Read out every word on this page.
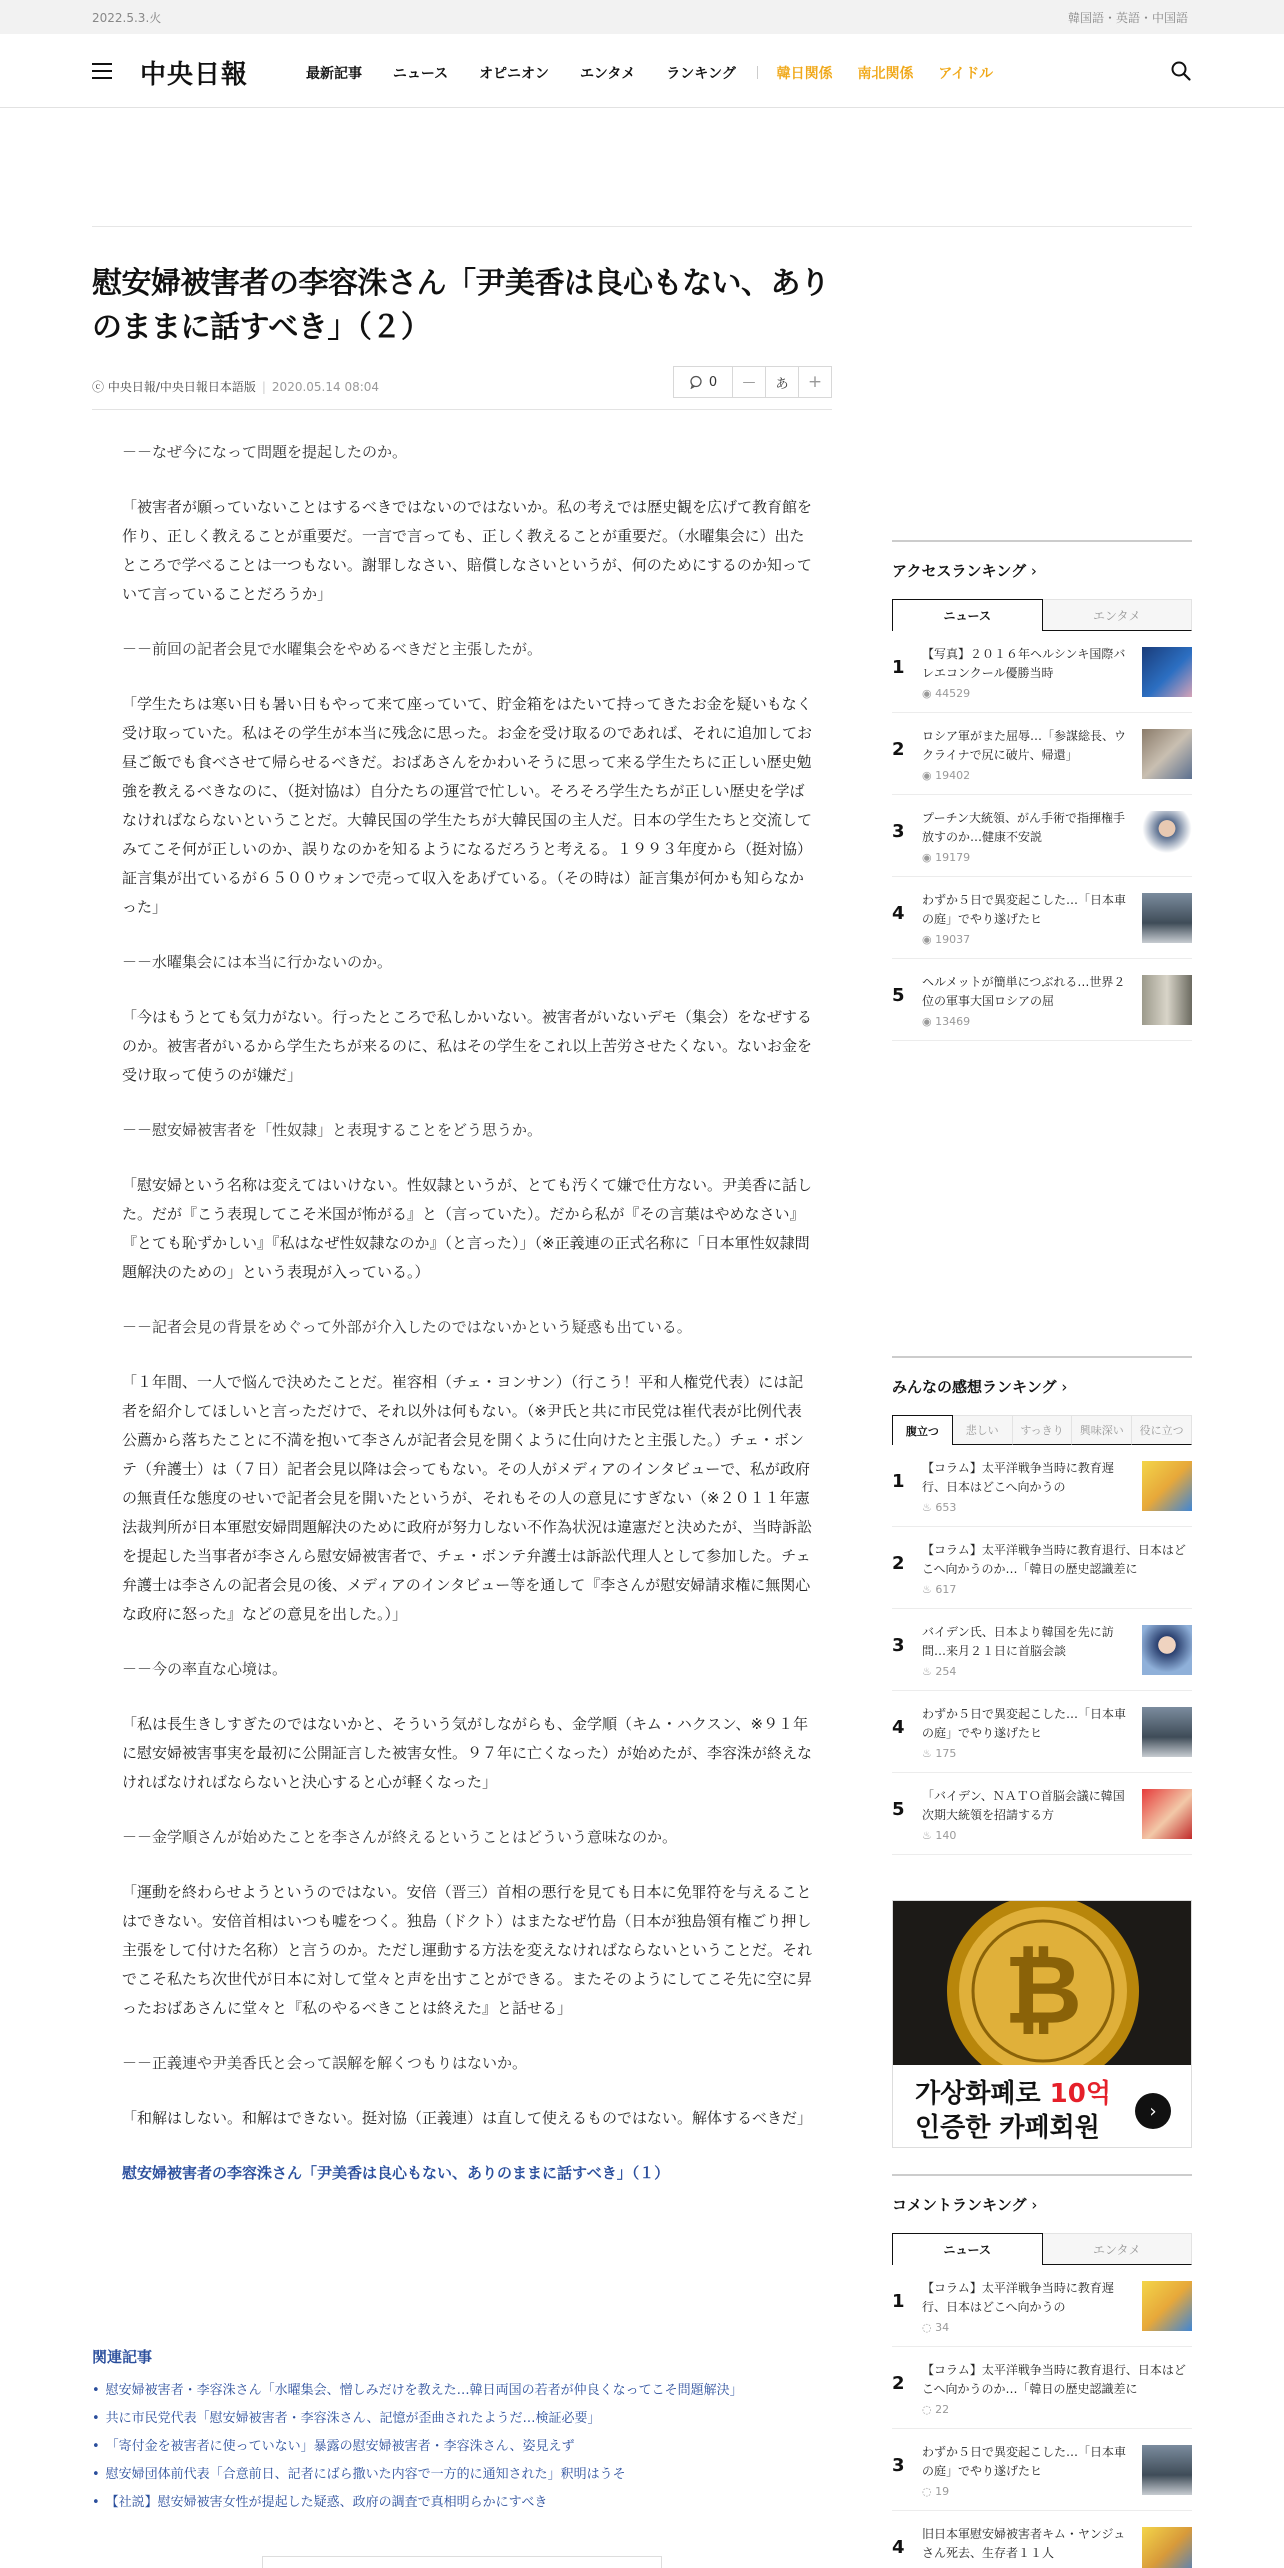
2022.5.3.火	韓国語・英語・中国語
中央日報	最新記事 ニュース オピニオン エンタメ ランキング	韓日関係 南北関係 アイドル
慰安婦被害者の李容洙さん「尹美香は良心もない、ありのままに話すべき」（２）
ⓒ 中央日報/中央日報日本語版 | 2020.05.14 08:04	0 —	あ	+

－－なぜ今になって問題を提起したのか。

「被害者が願っていないことはするべきではないのではないか。私の考えでは歴史観を広げて教育館を作り、正しく教えることが重要だ。一言で言っても、正しく教えることが重要だ。（水曜集会に）出たところで学べることは一つもない。謝罪しなさい、賠償しなさいというが、何のためにするのか知っていて言っていることだろうか」

－－前回の記者会見で水曜集会をやめるべきだと主張したが。

「学生たちは寒い日も暑い日もやって来て座っていて、貯金箱をはたいて持ってきたお金を疑いもなく受け取っていた。私はその学生が本当に残念に思った。お金を受け取るのであれば、それに追加してお昼ご飯でも食べさせて帰らせるべきだ。おばあさんをかわいそうに思って来る学生たちに正しい歴史勉強を教えるべきなのに、（挺対協は）自分たちの運営で忙しい。そろそろ学生たちが正しい歴史を学ばなければならないということだ。大韓民国の学生たちが大韓民国の主人だ。日本の学生たちと交流してみてこそ何が正しいのか、誤りなのかを知るようになるだろうと考える。１９９３年度から（挺対協）証言集が出ているが６５００ウォンで売って収入をあげている。（その時は）証言集が何かも知らなかった」

－－水曜集会には本当に行かないのか。

「今はもうとても気力がない。行ったところで私しかいない。被害者がいないデモ（集会）をなぜするのか。被害者がいるから学生たちが来るのに、私はその学生をこれ以上苦労させたくない。ないお金を受け取って使うのが嫌だ」

－－慰安婦被害者を「性奴隷」と表現することをどう思うか。

「慰安婦という名称は変えてはいけない。性奴隷というが、とても汚くて嫌で仕方ない。尹美香に話した。だが『こう表現してこそ米国が怖がる』と（言っていた）。だから私が『その言葉はやめなさい』『とても恥ずかしい』『私はなぜ性奴隷なのか』（と言った）」（※正義連の正式名称に「日本軍性奴隷問題解決のための」という表現が入っている。）

－－記者会見の背景をめぐって外部が介入したのではないかという疑惑も出ている。

「１年間、一人で悩んで決めたことだ。崔容相（チェ・ヨンサン）（行こう！平和人権党代表）には記者を紹介してほしいと言っただけで、それ以外は何もない。（※尹氏と共に市民党は崔代表が比例代表公薦から落ちたことに不満を抱いて李さんが記者会見を開くように仕向けたと主張した。）チェ・ボンテ（弁護士）は（７日）記者会見以降は会ってもない。その人がメディアのインタビューで、私が政府の無責任な態度のせいで記者会見を開いたというが、それもその人の意見にすぎない（※２０１１年憲法裁判所が日本軍慰安婦問題解決のために政府が努力しない不作為状況は違憲だと決めたが、当時訴訟を提起した当事者が李さんら慰安婦被害者で、チェ・ボンテ弁護士は訴訟代理人として参加した。チェ弁護士は李さんの記者会見の後、メディアのインタビュー等を通して『李さんが慰安婦請求権に無関心な政府に怒った』などの意見を出した。）」

－－今の率直な心境は。

「私は長生きしすぎたのではないかと、そういう気がしながらも、金学順（キム・ハクスン、※９１年に慰安婦被害事実を最初に公開証言した被害女性。９７年に亡くなった）が始めたが、李容洙が終えなければなければならないと決心すると心が軽くなった」

－－金学順さんが始めたことを李さんが終えるということはどういう意味なのか。

「運動を終わらせようというのではない。安倍（晋三）首相の悪行を見ても日本に免罪符を与えることはできない。安倍首相はいつも嘘をつく。独島（ドクト）はまたなぜ竹島（日本が独島領有権ごり押し主張をして付けた名称）と言うのか。ただし運動する方法を変えなければならないということだ。それでこそ私たち次世代が日本に対して堂々と声を出すことができる。またそのようにしてこそ先に空に昇ったおばあさんに堂々と『私のやるべきことは終えた』と話せる」

－－正義連や尹美香氏と会って誤解を解くつもりはないか。

「和解はしない。和解はできない。挺対協（正義連）は直して使えるものではない。解体するべきだ」

慰安婦被害者の李容洙さん「尹美香は良心もない、ありのままに話すべき」（１）

関連記事
• 慰安婦被害者・李容洙さん「水曜集会、憎しみだけを教えた…韓日両国の若者が仲良くなってこそ問題解決」
• 共に市民党代表「慰安婦被害者・李容洙さん、記憶が歪曲されたようだ…検証必要」
• 「寄付金を被害者に使っていない」暴露の慰安婦被害者・李容洙さん、姿見えず
• 慰安婦団体前代表「合意前日、記者にばら撒いた内容で一方的に通知された」釈明はうそ
• 【社説】慰安婦被害女性が提起した疑惑、政府の調査で真相明らかにすべき
アクセスランキング ›
ニュース	エンタメ
1
【写真】２０１６年ヘルシンキ国際バレエコンクール優勝当時
◉ 44529
2
ロシア軍がまた屈辱…「参謀総長、ウクライナで尻に破片、帰還」
◉ 19402
3
プーチン大統領、がん手術で指揮権手放すのか…健康不安説
◉ 19179
4
わずか５日で異変起こした…「日本車の庭」でやり遂げたヒ
◉ 19037
5
ヘルメットが簡単につぶれる…世界２位の軍事大国ロシアの屈
◉ 13469
みんなの感想ランキング ›
腹立つ	悲しい	すっきり	興味深い	役に立つ
1
【コラム】太平洋戦争当時に教育遅行、日本はどこへ向かうの
♨ 653
2
【コラム】太平洋戦争当時に教育退行、日本はどこへ向かうのか…「韓日の歴史認識差に
♨ 617
3
バイデン氏、日本より韓国を先に訪問…来月２１日に首脳会談
♨ 254
4
わずか５日で異変起こした…「日本車の庭」でやり遂げたヒ
♨ 175
5
「バイデン、ＮＡＴＯ首脳会議に韓国次期大統領を招請する方
♨ 140
₿
가상화폐로 10억
인증한 카페회원
›
コメントランキング ›
ニュース	エンタメ
1
【コラム】太平洋戦争当時に教育遅行、日本はどこへ向かうの
◌ 34
2
【コラム】太平洋戦争当時に教育退行、日本はどこへ向かうのか…「韓日の歴史認識差に
◌ 22
3
わずか５日で異変起こした…「日本車の庭」でやり遂げたヒ
◌ 19
4
旧日本軍慰安婦被害者キム・ヤンジュさん死去、生存者１１人
